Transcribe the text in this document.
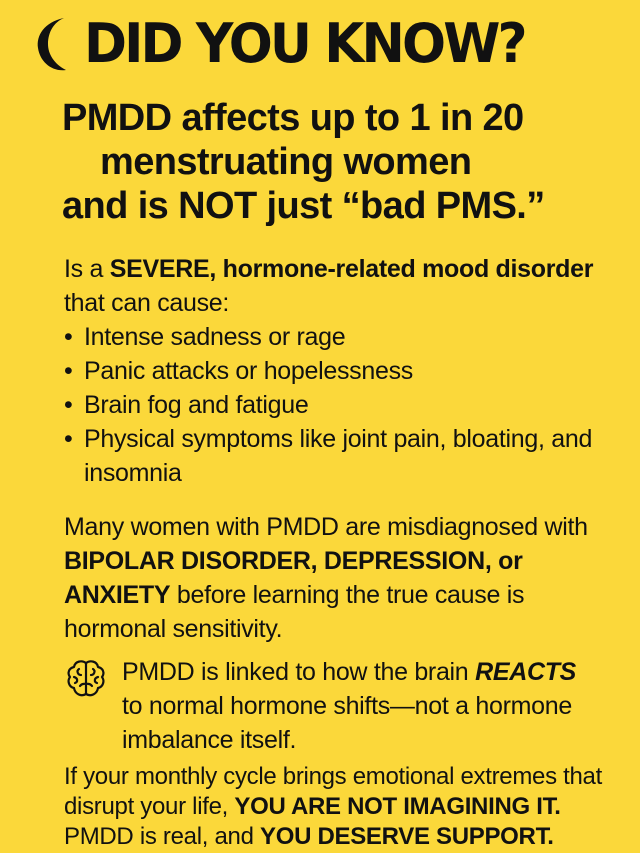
DID YOU KNOW?
PMDD affects up to 1 in 20
menstruating women
and is NOT just “bad PMS.”
Is a SEVERE, hormone-related mood disorder that can cause:
• Intense sadness or rage
• Panic attacks or hopelessness
• Brain fog and fatigue
• Physical symptoms like joint pain, bloating, and insomnia
Many women with PMDD are misdiagnosed with BIPOLAR DISORDER, DEPRESSION, or ANXIETY before learning the true cause is hormonal sensitivity.
PMDD is linked to how the brain REACTS to normal hormone shifts—not a hormone imbalance itself.
If your monthly cycle brings emotional extremes that disrupt your life, YOU ARE NOT IMAGINING IT. PMDD is real, and YOU DESERVE SUPPORT.
